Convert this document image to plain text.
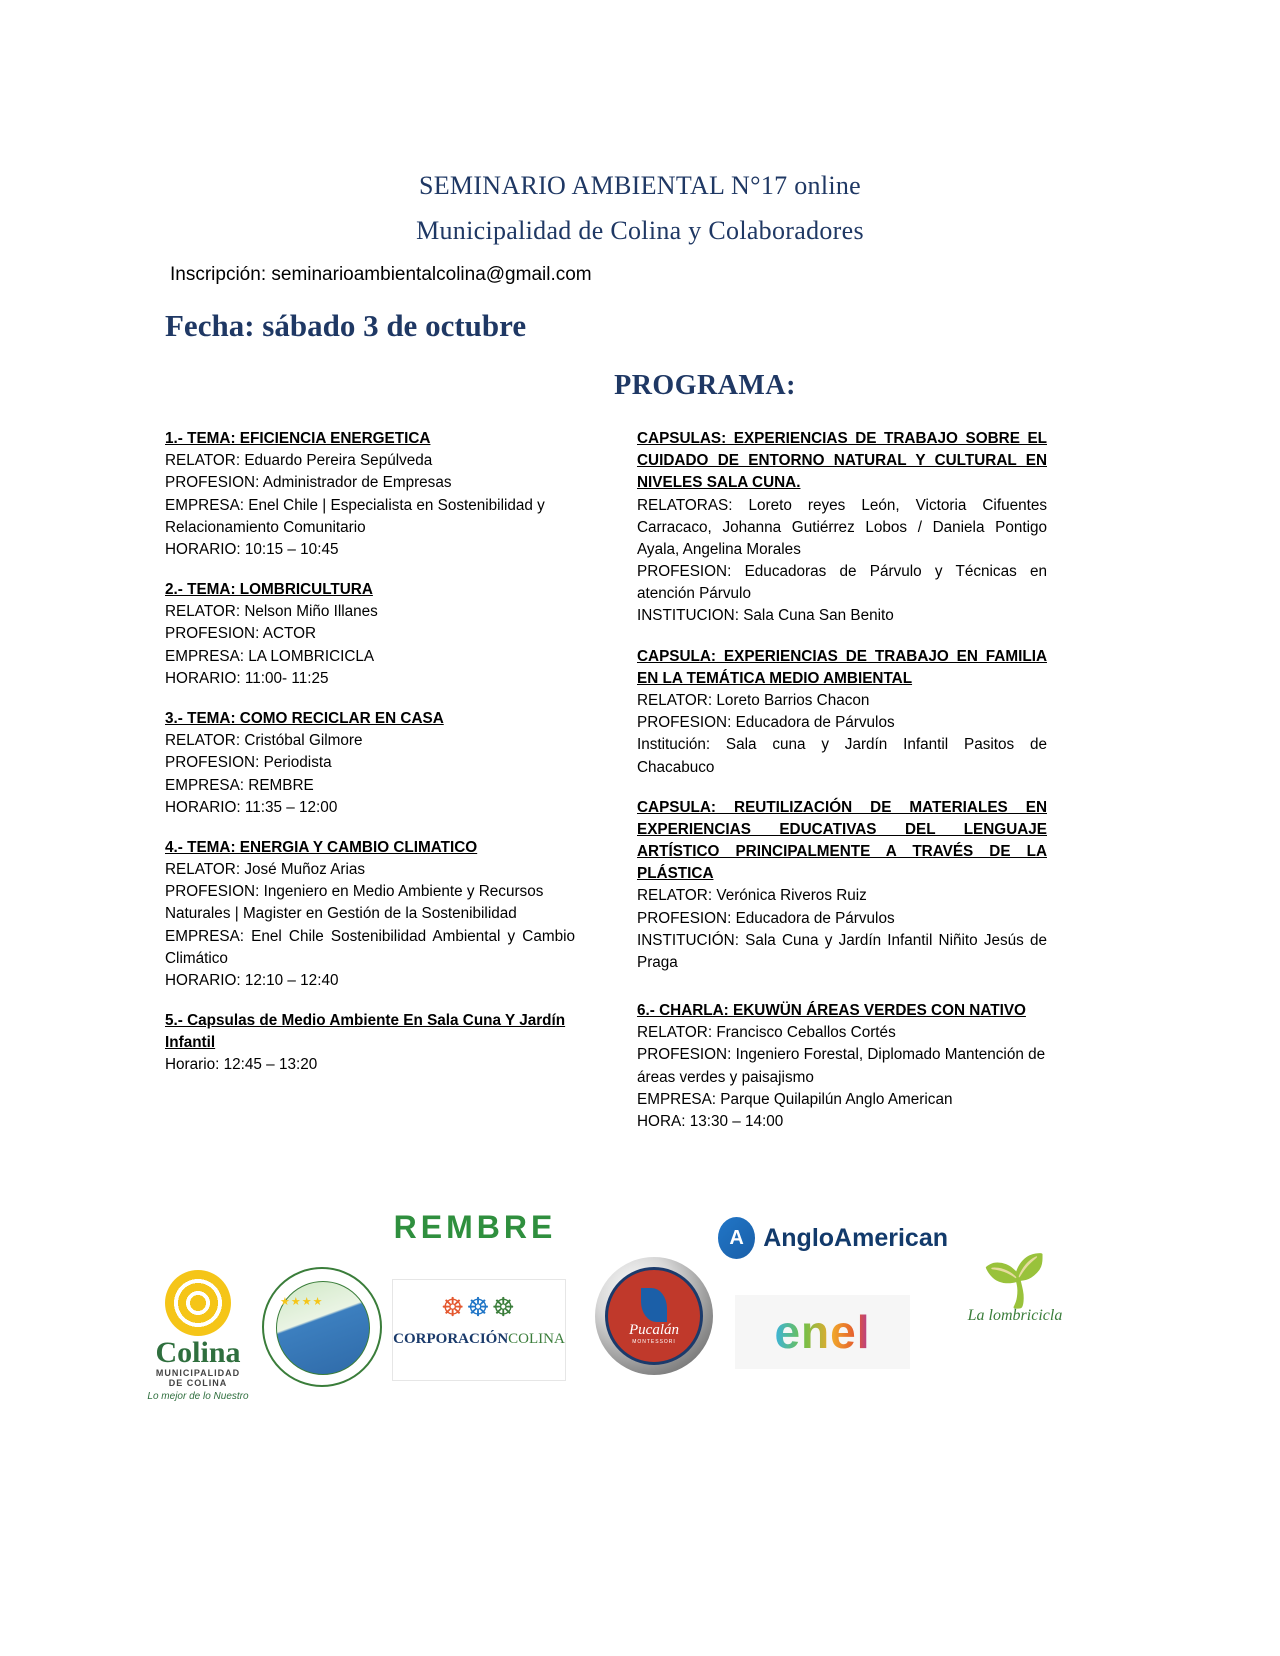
SEMINARIO AMBIENTAL N°17 online
Municipalidad de Colina y Colaboradores
Inscripción: seminarioambientalcolina@gmail.com
Fecha: sábado 3 de octubre
PROGRAMA:
1.- TEMA: EFICIENCIA ENERGETICA
RELATOR: Eduardo Pereira Sepúlveda
PROFESION: Administrador de Empresas
EMPRESA: Enel Chile | Especialista en Sostenibilidad y Relacionamiento Comunitario
HORARIO: 10:15 – 10:45
2.- TEMA: LOMBRICULTURA
RELATOR: Nelson Miño Illanes
PROFESION: ACTOR
EMPRESA: LA LOMBRICICLA
HORARIO: 11:00- 11:25
3.- TEMA: COMO RECICLAR EN CASA
RELATOR: Cristóbal Gilmore
PROFESION: Periodista
EMPRESA: REMBRE
HORARIO: 11:35 – 12:00
4.- TEMA: ENERGIA Y CAMBIO CLIMATICO
RELATOR: José Muñoz Arias
PROFESION: Ingeniero en Medio Ambiente y Recursos Naturales | Magister en Gestión de la Sostenibilidad
EMPRESA: Enel Chile Sostenibilidad Ambiental y Cambio Climático
HORARIO: 12:10 – 12:40
5.- Capsulas de Medio Ambiente En Sala Cuna Y Jardín Infantil
Horario: 12:45 – 13:20
CAPSULAS: EXPERIENCIAS DE TRABAJO SOBRE EL CUIDADO DE ENTORNO NATURAL Y CULTURAL EN NIVELES SALA CUNA.
RELATORAS: Loreto reyes León, Victoria Cifuentes Carracaco, Johanna Gutiérrez Lobos / Daniela Pontigo Ayala, Angelina Morales
PROFESION: Educadoras de Párvulo y Técnicas en atención Párvulo
INSTITUCION: Sala Cuna San Benito
CAPSULA: EXPERIENCIAS DE TRABAJO EN FAMILIA EN LA TEMÁTICA MEDIO AMBIENTAL
RELATOR: Loreto Barrios Chacon
PROFESION: Educadora de Párvulos
Institución: Sala cuna y Jardín Infantil Pasitos de Chacabuco
CAPSULA: REUTILIZACIÓN DE MATERIALES EN EXPERIENCIAS EDUCATIVAS DEL LENGUAJE ARTÍSTICO PRINCIPALMENTE A TRAVÉS DE LA PLÁSTICA
RELATOR: Verónica Riveros Ruiz
PROFESION: Educadora de Párvulos
INSTITUCIÓN: Sala Cuna y Jardín Infantil Niñito Jesús de Praga
6.- CHARLA: EKUWÜN ÁREAS VERDES CON NATIVO
RELATOR: Francisco Ceballos Cortés
PROFESION: Ingeniero Forestal, Diplomado Mantención de áreas verdes y paisajismo
EMPRESA: Parque Quilapilún Anglo American
HORA: 13:30 – 14:00
Colina
MUNICIPALIDAD
DE COLINA
Lo mejor de lo Nuestro
★★★★
REMBRE
☸☸☸
CORPORACIÓNCOLINA
Pucalán
MONTESSORI
A AngloAmerican
enel
🌱
La lombricicla
